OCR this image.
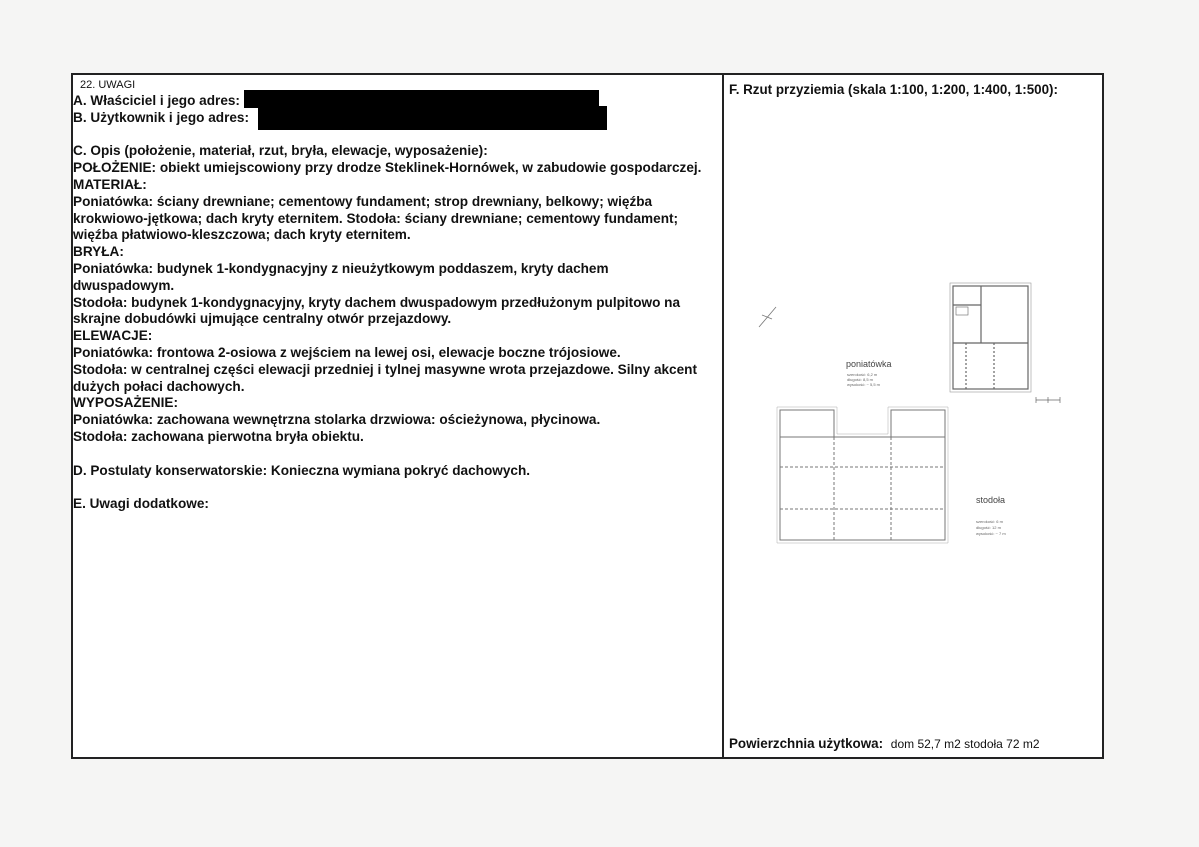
22. UWAGI
A. Właściciel i jego adres:
B. Użytkownik i jego adres:
C. Opis (położenie, materiał, rzut, bryła, elewacje, wyposażenie):
POŁOŻENIE: obiekt umiejscowiony przy drodze Steklinek-Hornówek, w zabudowie gospodarczej.
MATERIAŁ:
Poniatówka: ściany drewniane; cementowy fundament; strop drewniany, belkowy; więźba
krokwiowo-jętkowa; dach kryty eternitem. Stodoła: ściany drewniane; cementowy fundament;
więźba płatwiowo-kleszczowa; dach kryty eternitem.
BRYŁA:
Poniatówka: budynek 1-kondygnacyjny z nieużytkowym poddaszem, kryty dachem
dwuspadowym.
Stodoła: budynek 1-kondygnacyjny, kryty dachem dwuspadowym przedłużonym pulpitowo na
skrajne dobudówki ujmujące centralny otwór przejazdowy.
ELEWACJE:
Poniatówka: frontowa 2-osiowa z wejściem na lewej osi, elewacje boczne trójosiowe.
Stodoła: w centralnej części elewacji przedniej i tylnej masywne wrota przejazdowe. Silny akcent
dużych połaci dachowych.
WYPOSAŻENIE:
Poniatówka: zachowana wewnętrzna stolarka drzwiowa: ościeżynowa, płycinowa.
Stodoła: zachowana pierwotna bryła obiektu.
D. Postulaty konserwatorskie: Konieczna wymiana pokryć dachowych.
E. Uwagi dodatkowe:
F. Rzut przyziemia (skala 1:100, 1:200, 1:400, 1:500):
poniatówka
szerokość: 6,2 m
długość: 8,5 m
wysokość: ~ 5,5 m
stodoła
szerokość: 6 m
długość: 12 m
wysokość: ~ 7 m
Powierzchnia użytkowa: dom 52,7 m2 stodoła 72 m2
